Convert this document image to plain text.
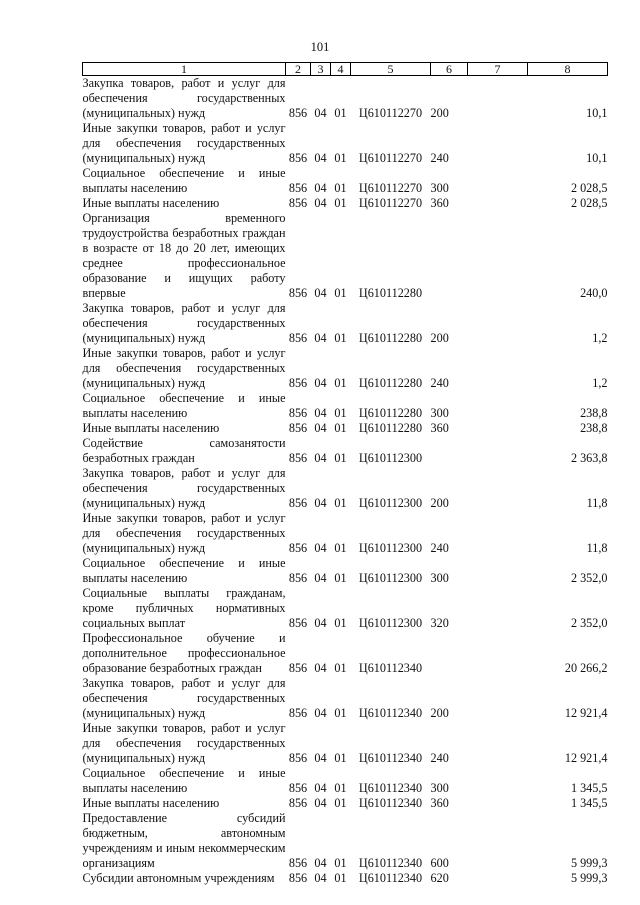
101
1	2	3	4	5	6	7	8
Закупка товаров, работ и услуг для обеспечения государственных (муниципальных) нужд	856	04	01	Ц610112270	200		10,1
Иные закупки товаров, работ и услуг для обеспечения государственных (муниципальных) нужд	856	04	01	Ц610112270	240		10,1
Социальное обеспечение и иные выплаты населению	856	04	01	Ц610112270	300		2 028,5
Иные выплаты населению	856	04	01	Ц610112270	360		2 028,5
Организация временного трудоустройства безработных граждан в возрасте от 18 до 20 лет, имеющих среднее профессиональное образование и ищущих работу впервые	856	04	01	Ц610112280			240,0
Закупка товаров, работ и услуг для обеспечения государственных (муниципальных) нужд	856	04	01	Ц610112280	200		1,2
Иные закупки товаров, работ и услуг для обеспечения государственных (муниципальных) нужд	856	04	01	Ц610112280	240		1,2
Социальное обеспечение и иные выплаты населению	856	04	01	Ц610112280	300		238,8
Иные выплаты населению	856	04	01	Ц610112280	360		238,8
Содействие самозанятости безработных граждан	856	04	01	Ц610112300			2 363,8
Закупка товаров, работ и услуг для обеспечения государственных (муниципальных) нужд	856	04	01	Ц610112300	200		11,8
Иные закупки товаров, работ и услуг для обеспечения государственных (муниципальных) нужд	856	04	01	Ц610112300	240		11,8
Социальное обеспечение и иные выплаты населению	856	04	01	Ц610112300	300		2 352,0
Социальные выплаты гражданам, кроме публичных нормативных социальных выплат	856	04	01	Ц610112300	320		2 352,0
Профессиональное обучение и дополнительное профессиональное образование безработных граждан	856	04	01	Ц610112340			20 266,2
Закупка товаров, работ и услуг для обеспечения государственных (муниципальных) нужд	856	04	01	Ц610112340	200		12 921,4
Иные закупки товаров, работ и услуг для обеспечения государственных (муниципальных) нужд	856	04	01	Ц610112340	240		12 921,4
Социальное обеспечение и иные выплаты населению	856	04	01	Ц610112340	300		1 345,5
Иные выплаты населению	856	04	01	Ц610112340	360		1 345,5
Предоставление субсидий бюджетным, автономным учреждениям и иным некоммерческим организациям	856	04	01	Ц610112340	600		5 999,3
Субсидии автономным учреждениям	856	04	01	Ц610112340	620		5 999,3
